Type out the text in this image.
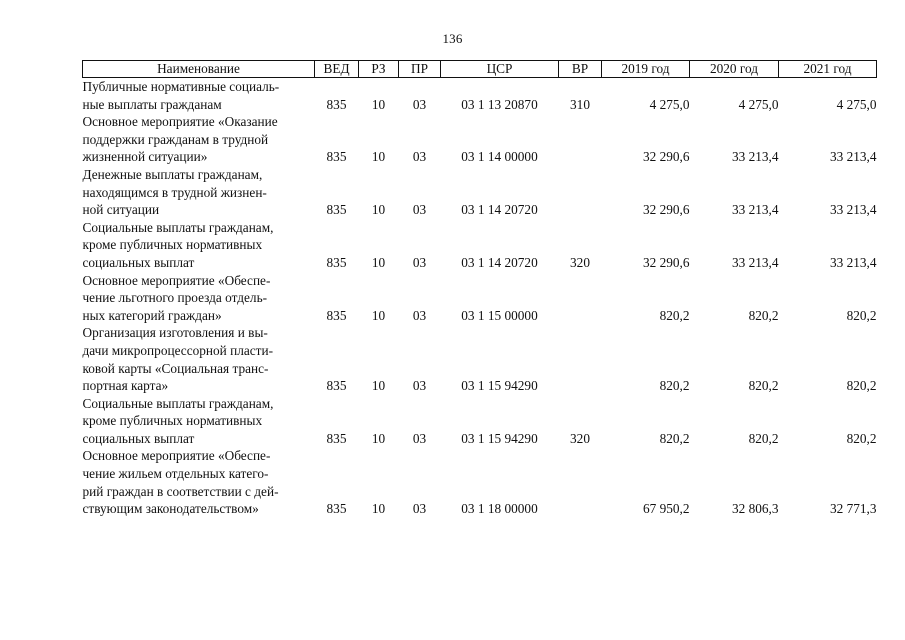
136
Наименование	ВЕД	РЗ	ПР	ЦСР	ВР	2019 год	2020 год	2021 год

Публичные нормативные социаль-
ные выплаты гражданам	835	10	03	03 1 13 20870	310	4 275,0	4 275,0	4 275,0

Основное мероприятие «Оказание
поддержки гражданам в трудной
жизненной ситуации»	835	10	03	03 1 14 00000		32 290,6	33 213,4	33 213,4

Денежные выплаты гражданам,
находящимся в трудной жизнен-
ной ситуации	835	10	03	03 1 14 20720		32 290,6	33 213,4	33 213,4

Социальные выплаты гражданам,
кроме публичных нормативных
социальных выплат	835	10	03	03 1 14 20720	320	32 290,6	33 213,4	33 213,4

Основное мероприятие «Обеспе-
чение льготного проезда отдель-
ных категорий граждан»	835	10	03	03 1 15 00000		820,2	820,2	820,2

Организация изготовления и вы-
дачи микропроцессорной пласти-
ковой карты «Социальная транс-
портная карта»	835	10	03	03 1 15 94290		820,2	820,2	820,2

Социальные выплаты гражданам,
кроме публичных нормативных
социальных выплат	835	10	03	03 1 15 94290	320	820,2	820,2	820,2

Основное мероприятие «Обеспе-
чение жильем отдельных катего-
рий граждан в соответствии с дей-
ствующим законодательством»	835	10	03	03 1 18 00000		67 950,2	32 806,3	32 771,3
